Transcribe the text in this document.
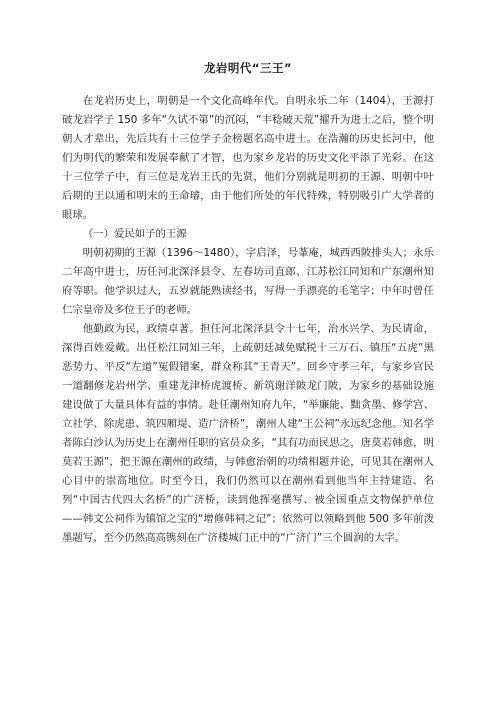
龙岩明代“三王”

在龙岩历史上，明朝是一个文化高峰年代。自明永乐二年（1404），王源打破龙岩学子 150 多年“久试不第”的沉闷，“丰稔破天荒”擢升为进士之后，整个明朝人才辈出，先后共有十三位学子金榜题名高中进士。在浩瀚的历史长河中，他们为明代的繁荣和发展奉献了才智，也为家乡龙岩的历史文化平添了光彩。在这十三位学子中，有三位是龙岩王氏的先贤，他们分别就是明初的王源、明朝中叶后期的王以通和明末的王命璿，由于他们所处的年代特殊，特别吸引广大学者的眼球。

（一）爱民如子的王源

明朝初期的王源（1396～1480），字启泽，号莑庵，城西西陂排头人；永乐二年高中进士，历任河北深泽县令、左春坊司直郎、江苏松江同知和广东潮州知府等职。他学识过人，五岁就能熟读经书，写得一手漂亮的毛笔字；中年时曾任仁宗皇帝及多位王子的老师。

他勤政为民，政绩卓著。担任河北深泽县令十七年，治水兴学、为民请命，深得百姓爱戴。出任松江同知三年，上疏朝廷减免赋税十三万石、镇压“五虎”黑恶势力、平反“左道”冤假错案，群众称其“王青天”。回乡守孝三年，与家乡官民一道翻修龙岩州学、重建龙津桥虎渡桥、新筑谢洋陂龙门陂，为家乡的基础设施建设做了大量具体有益的事情。赴任潮州知府九年，“举廉能、黜贪墨、修学宫、立社学、除虎患、筑四厢堤、造广济桥”，潮州人建“王公祠”永远纪念他。知名学者陈白沙认为历史上在潮州任职的官员众多，“其有功而民思之，唐莫若韩愈，明莫若王源”，把王源在潮州的政绩，与韩愈治朝的功绩相题并论，可见其在潮州人心目中的崇高地位。时至今日，我们仍然可以在潮州看到他当年主持建造、名列“中国古代四大名桥”的广济桥，读到他挥毫撰写、被全国重点文物保护单位——韩文公祠作为镇馆之宝的“增修韩祠之记”；依然可以领略到他 500 多年前泼墨题写、至今仍然高高镌刻在广济楼城门正中的“广济门”三个圆润的大字。
